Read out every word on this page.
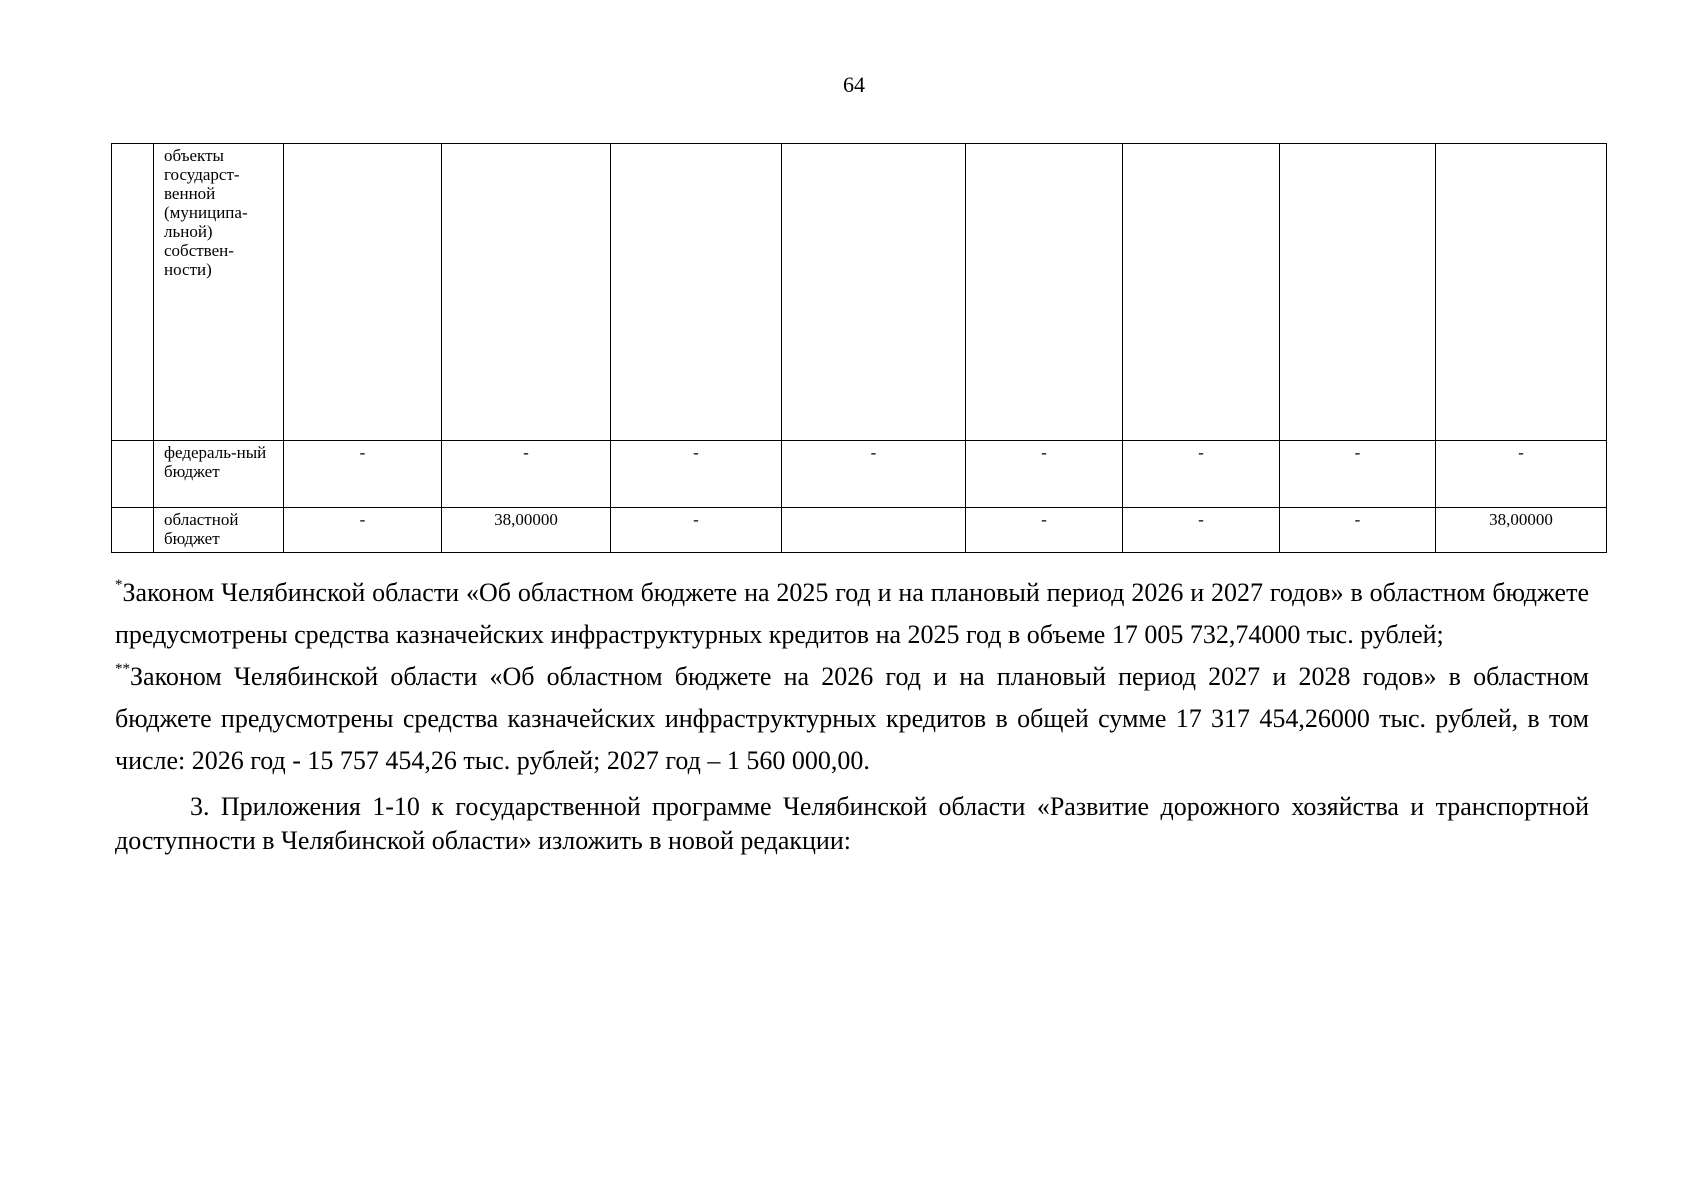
64
	объекты государст-венной (муниципа-льной) собствен-ности)								
	федераль-ный бюджет	-	-	-	-	-	-	-	-
	областной бюджет	-	38,00000	-		-	-	-	38,00000

*Законом Челябинской области «Об областном бюджете на 2025 год и на плановый период 2026 и 2027 годов» в областном бюджете предусмотрены средства казначейских инфраструктурных кредитов на 2025 год в объеме 17 005 732,74000 тыс. рублей;

**Законом Челябинской области «Об областном бюджете на 2026 год и на плановый период 2027 и 2028 годов» в областном бюджете предусмотрены средства казначейских инфраструктурных кредитов в общей сумме 17 317 454,26000 тыс. рублей, в том числе: 2026 год - 15 757 454,26 тыс. рублей; 2027 год – 1 560 000,00.

3. Приложения 1-10 к государственной программе Челябинской области «Развитие дорожного хозяйства и транспортной доступности в Челябинской области» изложить в новой редакции:
